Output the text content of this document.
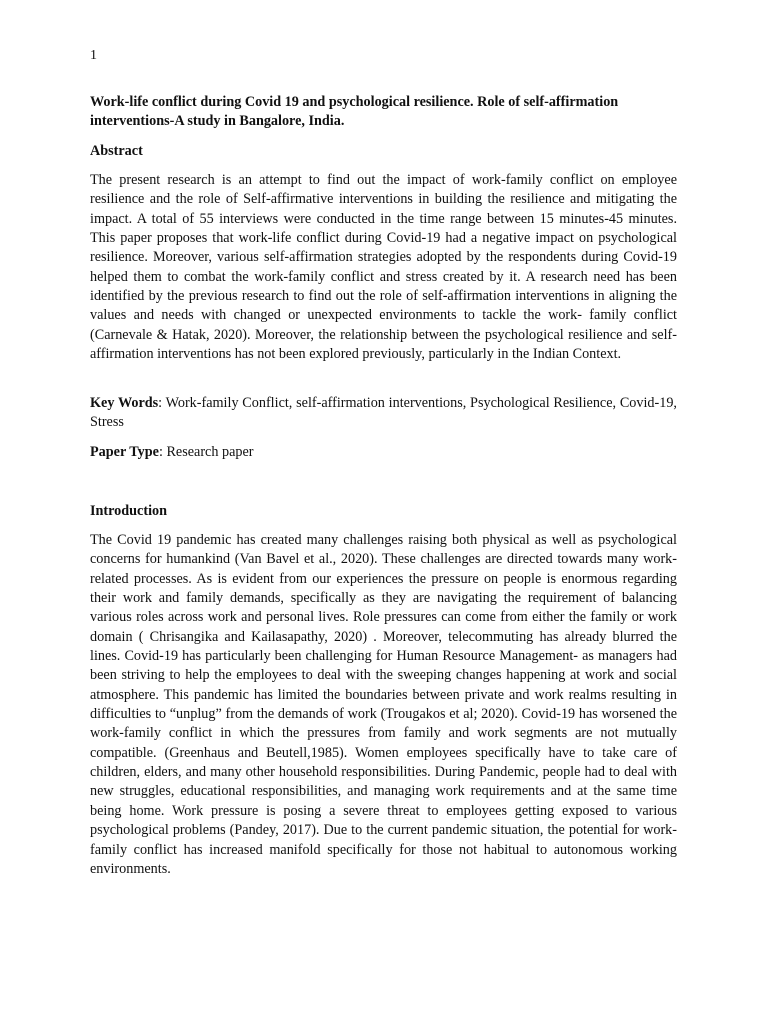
1
Work-life conflict during Covid 19 and psychological resilience. Role of self-affirmation interventions-A study in Bangalore, India.
Abstract
The present research is an attempt to find out the impact of work-family conflict on employee resilience and the role of Self-affirmative interventions in building the resilience and mitigating the impact. A total of 55 interviews were conducted in the time range between 15 minutes-45 minutes. This paper proposes that work-life conflict during Covid-19 had a negative impact on psychological resilience. Moreover, various self-affirmation strategies adopted by the respondents during Covid-19 helped them to combat the work-family conflict and stress created by it. A research need has been identified by the previous research to find out the role of self-affirmation interventions in aligning the values and needs with changed or unexpected environments to tackle the work- family conflict (Carnevale & Hatak, 2020). Moreover, the relationship between the psychological resilience and self-affirmation interventions has not been explored previously, particularly in the Indian Context.
Key Words: Work-family Conflict, self-affirmation interventions, Psychological Resilience, Covid-19, Stress
Paper Type: Research paper
Introduction
The Covid 19 pandemic has created many challenges raising both physical as well as psychological concerns for humankind (Van Bavel et al., 2020). These challenges are directed towards many work-related processes. As is evident from our experiences the pressure on people is enormous regarding their work and family demands, specifically as they are navigating the requirement of balancing various roles across work and personal lives. Role pressures can come from either the family or work domain ( Chrisangika and Kailasapathy, 2020) . Moreover, telecommuting has already blurred the lines. Covid-19 has particularly been challenging for Human Resource Management- as managers had been striving to help the employees to deal with the sweeping changes happening at work and social atmosphere. This pandemic has limited the boundaries between private and work realms resulting in difficulties to “unplug” from the demands of work (Trougakos et al; 2020). Covid-19 has worsened the work-family conflict in which the pressures from family and work segments are not mutually compatible. (Greenhaus and Beutell,1985). Women employees specifically have to take care of children, elders, and many other household responsibilities. During Pandemic, people had to deal with new struggles, educational responsibilities, and managing work requirements and at the same time being home. Work pressure is posing a severe threat to employees getting exposed to various psychological problems (Pandey, 2017). Due to the current pandemic situation, the potential for work-family conflict has increased manifold specifically for those not habitual to autonomous working environments.
